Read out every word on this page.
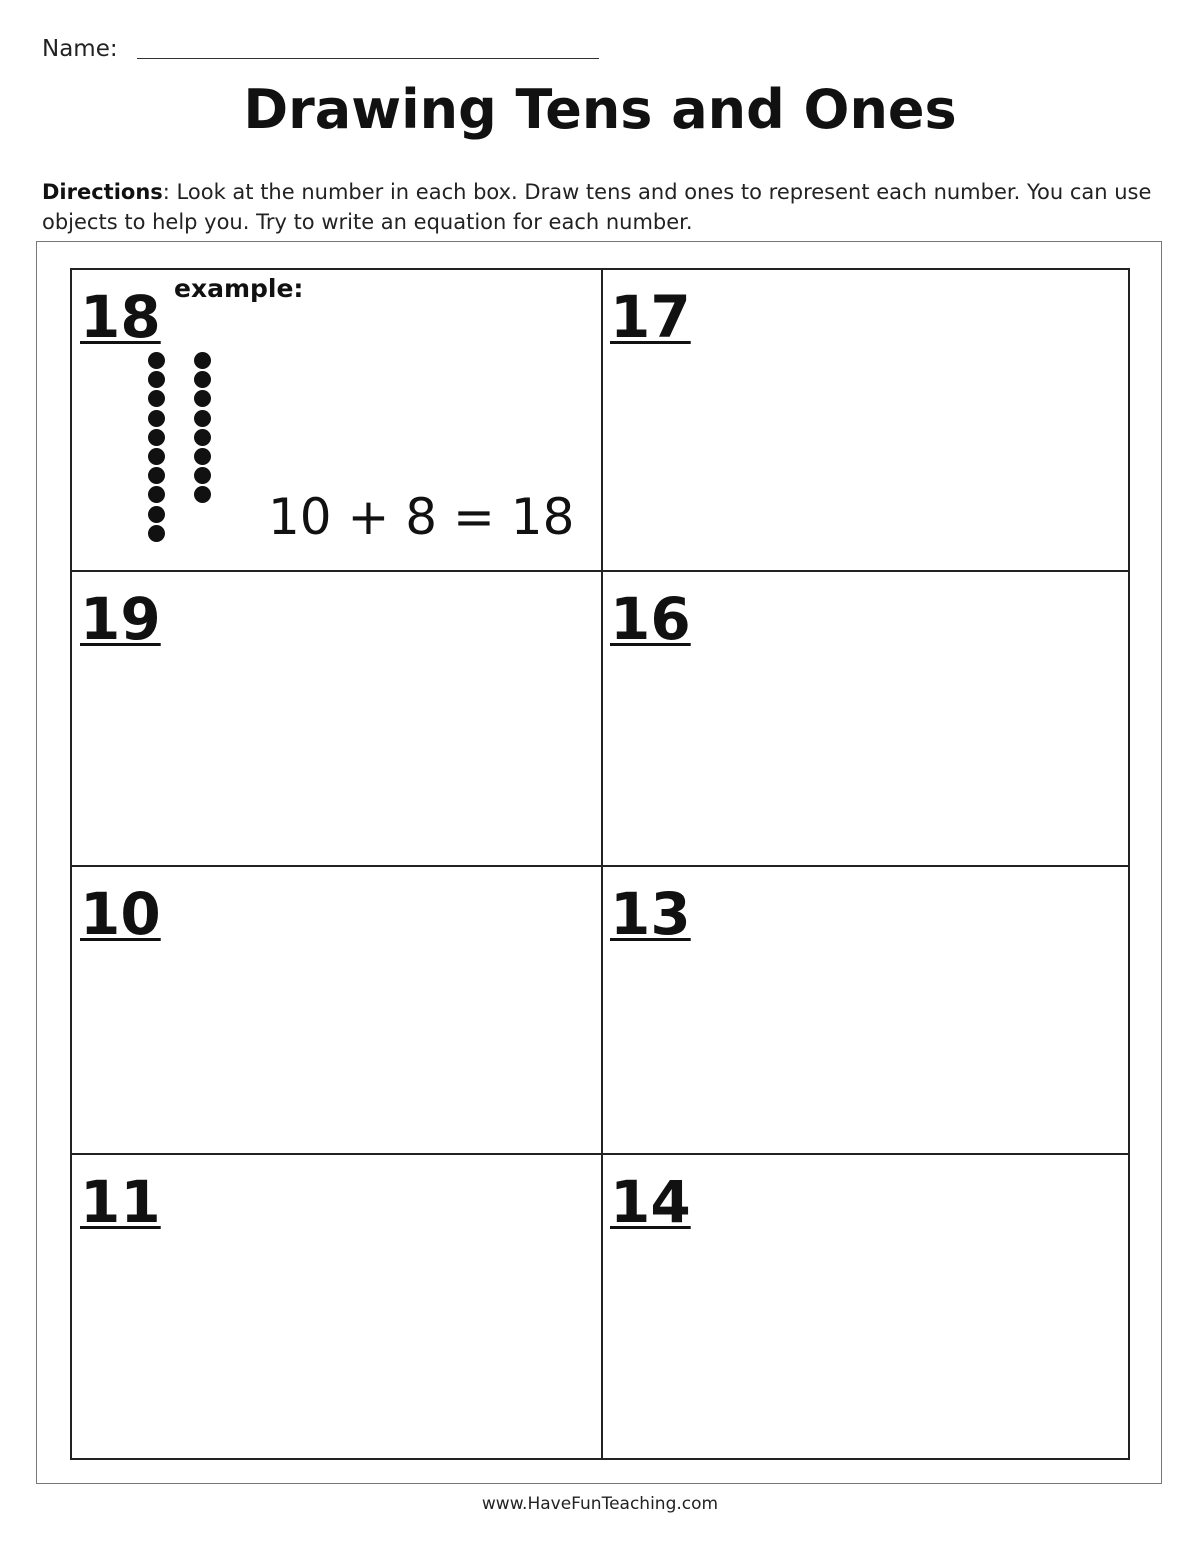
Name:
Drawing Tens and Ones
Directions: Look at the number in each box. Draw tens and ones to represent each number. You can use objects to help you. Try to write an equation for each number.
18 example:
10 + 8 = 18
17
19	16
10	13
11	14
www.HaveFunTeaching.com
